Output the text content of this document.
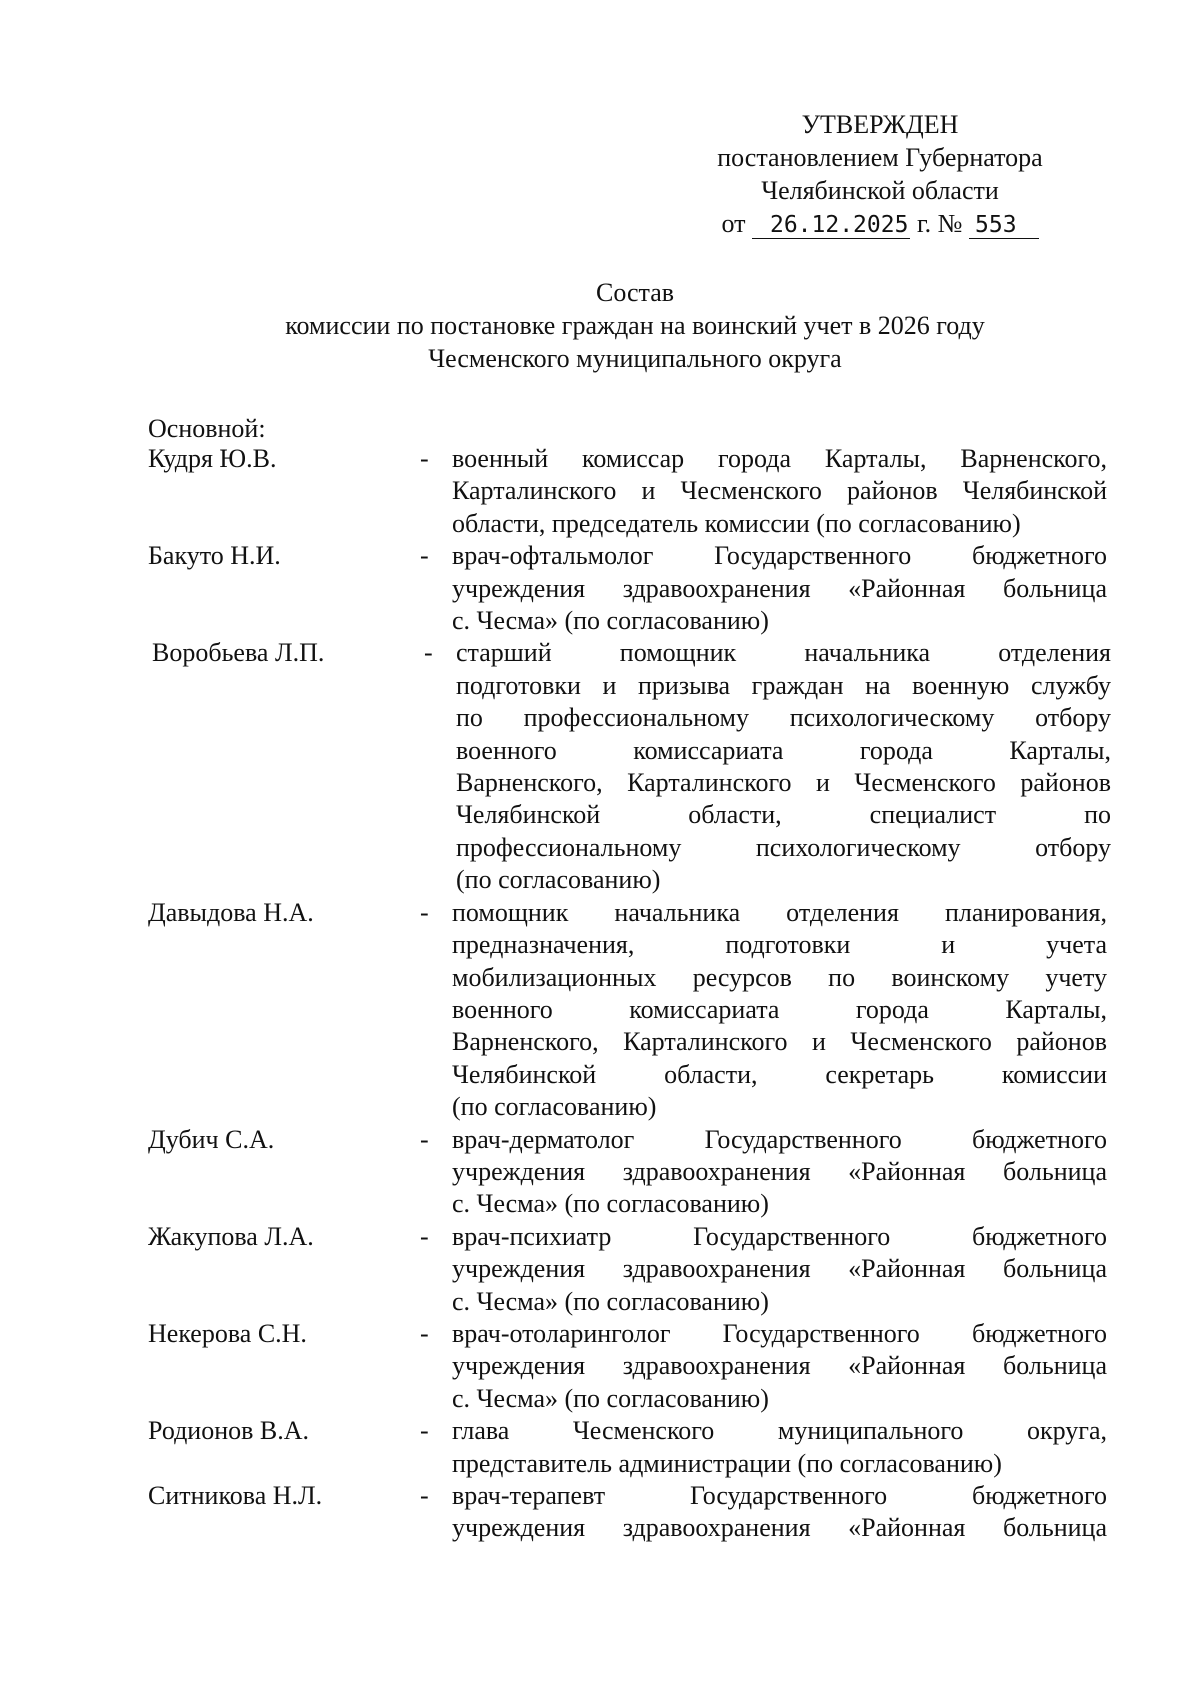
УТВЕРЖДЕН
постановлением Губернатора
Челябинской области
от 26.12.2025 г. № 553
Состав
комиссии по постановке граждан на воинский учет в 2026 году
Чесменского муниципального округа
Основной:
Кудря Ю.В.	- военный комиссар города Карталы, Варненского,
Карталинского и Чесменского районов Челябинской
области, председатель комиссии (по согласованию)
Бакуто Н.И.	- врач-офтальмолог Государственного бюджетного
учреждения здравоохранения «Районная больница
с. Чесма» (по согласованию)
Воробьева Л.П.	- старший помощник начальника отделения
подготовки и призыва граждан на военную службу
по профессиональному психологическому отбору
военного комиссариата города Карталы,
Варненского, Карталинского и Чесменского районов
Челябинской области, специалист по
профессиональному психологическому отбору
(по согласованию)
Давыдова Н.А.	- помощник начальника отделения планирования,
предназначения, подготовки и учета
мобилизационных ресурсов по воинскому учету
военного комиссариата города Карталы,
Варненского, Карталинского и Чесменского районов
Челябинской области, секретарь комиссии
(по согласованию)
Дубич С.А.	- врач-дерматолог Государственного бюджетного
учреждения здравоохранения «Районная больница
с. Чесма» (по согласованию)
Жакупова Л.А.	- врач-психиатр Государственного бюджетного
учреждения здравоохранения «Районная больница
с. Чесма» (по согласованию)
Некерова С.Н.	- врач-отоларинголог Государственного бюджетного
учреждения здравоохранения «Районная больница
с. Чесма» (по согласованию)
Родионов В.А.	- глава Чесменского муниципального округа,
представитель администрации (по согласованию)
Ситникова Н.Л.	- врач-терапевт Государственного бюджетного
учреждения здравоохранения «Районная больница
